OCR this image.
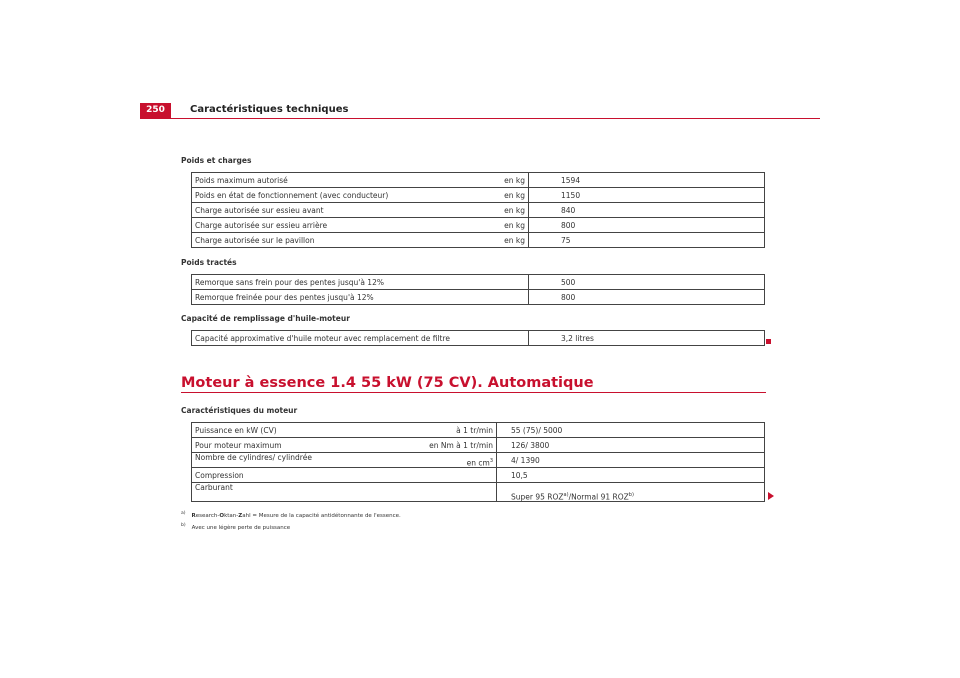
250	Caractéristiques techniques
Poids et charges
Poids maximum autorisé	en kg	1594
Poids en état de fonctionnement (avec conducteur)	en kg	1150
Charge autorisée sur essieu avant	en kg	840
Charge autorisée sur essieu arrière	en kg	800
Charge autorisée sur le pavillon	en kg	75
Poids tractés
Remorque sans frein pour des pentes jusqu'à 12%		500
Remorque freinée pour des pentes jusqu'à 12%		800
Capacité de remplissage d'huile-moteur
Capacité approximative d'huile moteur avec remplacement de filtre		3,2 litres
Moteur à essence 1.4 55 kW (75 CV). Automatique
Caractéristiques du moteur
Puissance en kW (CV)	à 1 tr/min	55 (75)/ 5000
Pour moteur maximum	en Nm à 1 tr/min	126/ 3800
Nombre de cylindres/ cylindrée	en $cm^3$	4/ 1390
Compression		10,5
Carburant		Super 95 ROZ$^{a)}$/Normal 91 ROZ$^{b)}$
$^{a)}$ Research-Oktan-Zahl = Mesure de la capacité antidétonnante de l'essence.
$^{b)}$ Avec une légère perte de puissance
